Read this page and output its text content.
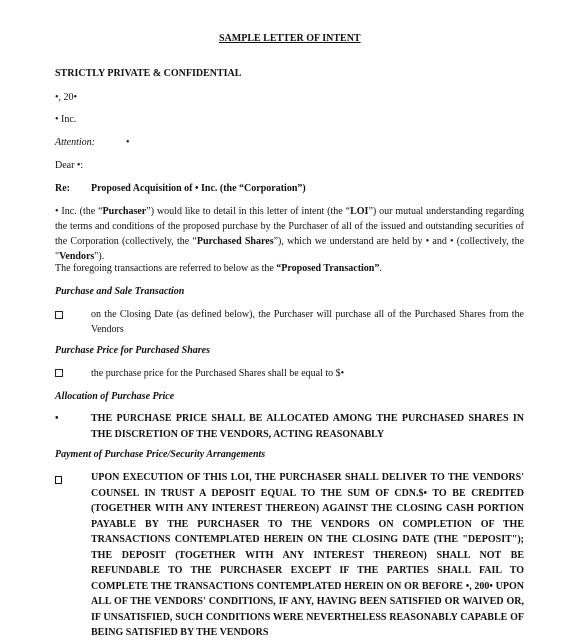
SAMPLE LETTER OF INTENT
STRICTLY PRIVATE & CONFIDENTIAL
•, 20•
• Inc.
Attention:	•
Dear •:
Re: Proposed Acquisition of • Inc. (the “Corporation”)
• Inc. (the “Purchaser”) would like to detail in this letter of intent (the “LOI”) our mutual understanding regarding the terms and conditions of the proposed purchase by the Purchaser of all of the issued and outstanding securities of the Corporation (collectively, the “Purchased Shares”), which we understand are held by • and • (collectively, the "Vendors").
The foregoing transactions are referred to below as the “Proposed Transaction”.
Purchase and Sale Transaction
on the Closing Date (as defined below), the Purchaser will purchase all of the Purchased Shares from the Vendors
Purchase Price for Purchased Shares
the purchase price for the Purchased Shares shall be equal to $•
Allocation of Purchase Price
•	THE PURCHASE PRICE SHALL BE ALLOCATED AMONG THE PURCHASED SHARES IN THE DISCRETION OF THE VENDORS, ACTING REASONABLY
Payment of Purchase Price/Security Arrangements
UPON EXECUTION OF THIS LOI, THE PURCHASER SHALL DELIVER TO THE VENDORS' COUNSEL IN TRUST A DEPOSIT EQUAL TO THE SUM OF CDN.$• TO BE CREDITED (TOGETHER WITH ANY INTEREST THEREON) AGAINST THE CLOSING CASH PORTION PAYABLE BY THE PURCHASER TO THE VENDORS ON COMPLETION OF THE TRANSACTIONS CONTEMPLATED HEREIN ON THE CLOSING DATE (THE "DEPOSIT"); THE DEPOSIT (TOGETHER WITH ANY INTEREST THEREON) SHALL NOT BE REFUNDABLE TO THE PURCHASER EXCEPT IF THE PARTIES SHALL FAIL TO COMPLETE THE TRANSACTIONS CONTEMPLATED HEREIN ON OR BEFORE •, 200• UPON ALL OF THE VENDORS' CONDITIONS, IF ANY, HAVING BEEN SATISFIED OR WAIVED OR, IF UNSATISFIED, SUCH CONDITIONS WERE NEVERTHELESS REASONABLY CAPABLE OF BEING SATISFIED BY THE VENDORS
